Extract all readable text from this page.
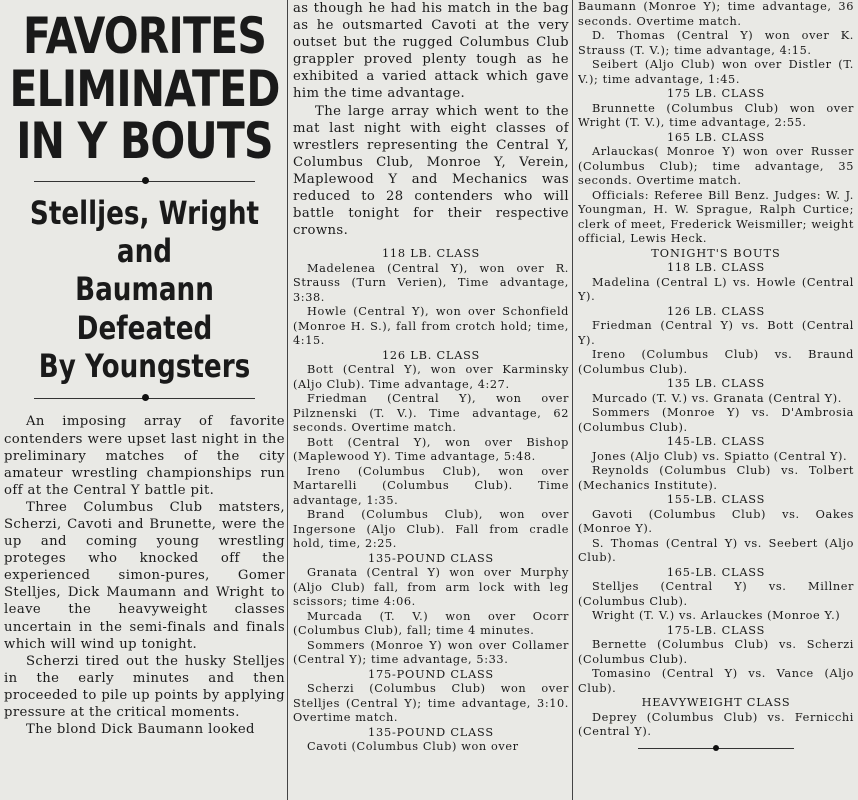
FAVORITES
ELIMINATED
IN Y BOUTS
Stelljes, Wright and
Baumann Defeated
By Youngsters

An imposing array of favorite contenders were upset last night in the preliminary matches of the city amateur wrestling championships run off at the Central Y battle pit.

Three Columbus Club matsters, Scherzi, Cavoti and Brunette, were the up and coming young wrestling proteges who knocked off the experienced simon-pures, Gomer Stelljes, Dick Maumann and Wright to leave the heavyweight classes uncertain in the semi-finals and finals which will wind up tonight.

Scherzi tired out the husky Stelljes in the early minutes and then proceeded to pile up points by applying pressure at the critical moments.

The blond Dick Baumann looked

as though he had his match in the bag as he outsmarted Cavoti at the very outset but the rugged Columbus Club grappler proved plenty tough as he exhibited a varied attack which gave him the time advantage.

The large array which went to the mat last night with eight classes of wrestlers representing the Central Y, Columbus Club, Monroe Y, Verein, Maplewood Y and Mechanics was reduced to 28 contenders who will battle tonight for their respective crowns.

118 LB. CLASS
Madelenea (Central Y), won over R. Strauss (Turn Verien), Time advantage, 3:38.
Howle (Central Y), won over Schonfield (Monroe H. S.), fall from crotch hold; time, 4:15.
126 LB. CLASS
Bott (Central Y), won over Karminsky (Aljo Club). Time advantage, 4:27.
Friedman (Central Y), won over Pilznenski (T. V.). Time advantage, 62 seconds. Overtime match.
Bott (Central Y), won over Bishop (Maplewood Y). Time advantage, 5:48.
Ireno (Columbus Club), won over Martarelli (Columbus Club). Time advantage, 1:35.
Brand (Columbus Club), won over Ingersone (Aljo Club). Fall from cradle hold, time, 2:25.
135-POUND CLASS
Granata (Central Y) won over Murphy (Aljo Club) fall, from arm lock with leg scissors; time 4:06.
Murcada (T. V.) won over Ocorr (Columbus Club), fall; time 4 minutes.
Sommers (Monroe Y) won over Collamer (Central Y); time advantage, 5:33.
175-POUND CLASS
Scherzi (Columbus Club) won over Stelljes (Central Y); time advantage, 3:10. Overtime match.
135-POUND CLASS
Cavoti (Columbus Club) won over
Baumann (Monroe Y); time advantage, 36 seconds. Overtime match.
D. Thomas (Central Y) won over K. Strauss (T. V.); time advantage, 4:15.
Seibert (Aljo Club) won over Distler (T. V.); time advantage, 1:45.
175 LB. CLASS
Brunnette (Columbus Club) won over Wright (T. V.), time advantage, 2:55.
165 LB. CLASS
Arlauckas( Monroe Y) won over Russer (Columbus Club); time advantage, 35 seconds. Overtime match.
Officials: Referee Bill Benz. Judges: W. J. Youngman, H. W. Sprague, Ralph Curtice; clerk of meet, Frederick Weismiller; weight official, Lewis Heck.
TONIGHT'S BOUTS
118 LB. CLASS
Madelina (Central L) vs. Howle (Central Y).
126 LB. CLASS
Friedman (Central Y) vs. Bott (Central Y).
Ireno (Columbus Club) vs. Braund (Columbus Club).
135 LB. CLASS
Murcado (T. V.) vs. Granata (Central Y).
Sommers (Monroe Y) vs. D'Ambrosia (Columbus Club).
145-LB. CLASS
Jones (Aljo Club) vs. Spiatto (Central Y).
Reynolds (Columbus Club) vs. Tolbert (Mechanics Institute).
155-LB. CLASS
Gavoti (Columbus Club) vs. Oakes (Monroe Y).
S. Thomas (Central Y) vs. Seebert (Aljo Club).
165-LB. CLASS
Stelljes (Central Y) vs. Millner (Columbus Club).
Wright (T. V.) vs. Arlauckes (Monroe Y.)
175-LB. CLASS
Bernette (Columbus Club) vs. Scherzi (Columbus Club).
Tomasino (Central Y) vs. Vance (Aljo Club).
HEAVYWEIGHT CLASS
Deprey (Columbus Club) vs. Fernicchi (Central Y).
